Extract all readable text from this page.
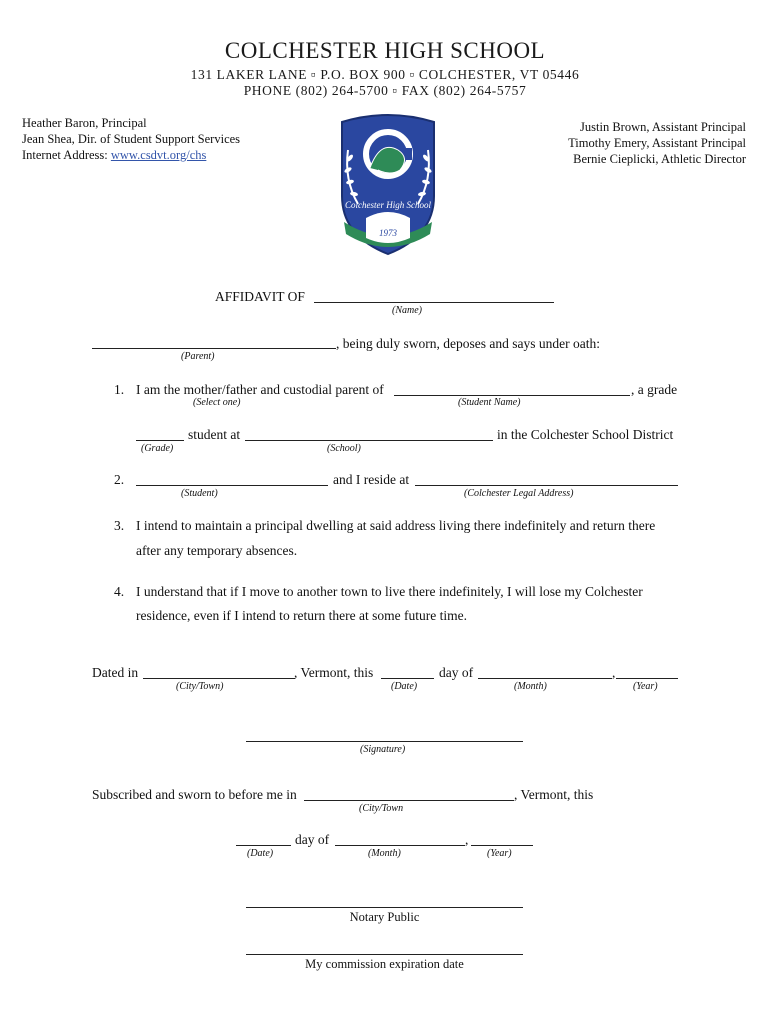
COLCHESTER HIGH SCHOOL
131 LAKER LANE ▫ P.O. BOX 900 ▫ COLCHESTER, VT 05446
PHONE (802) 264-5700 ▫ FAX (802) 264-5757
Heather Baron, Principal
Jean Shea, Dir. of Student Support Services
Internet Address: www.csdvt.org/chs
Justin Brown, Assistant Principal
Timothy Emery, Assistant Principal
Bernie Cieplicki, Athletic Director
Colchester High School
1973
AFFIDAVIT OF
(Name)
, being duly sworn, deposes and says under oath:
(Parent)
1. I am the mother/father and custodial parent of	, a grade
(Select one)	(Student Name)
student at	in the Colchester School District
(Grade)	(School)
2.	and I reside at
(Student)	(Colchester Legal Address)
3. I intend to maintain a principal dwelling at said address living there indefinitely and return there
after any temporary absences.
4. I understand that if I move to another town to live there indefinitely, I will lose my Colchester
residence, even if I intend to return there at some future time.
Dated in	, Vermont, this	day of	,
(City/Town)	(Date)	(Month)	(Year)
(Signature)
Subscribed and sworn to before me in	, Vermont, this
(City/Town
day of	,
(Date)	(Month)	(Year)
Notary Public
My commission expiration date
